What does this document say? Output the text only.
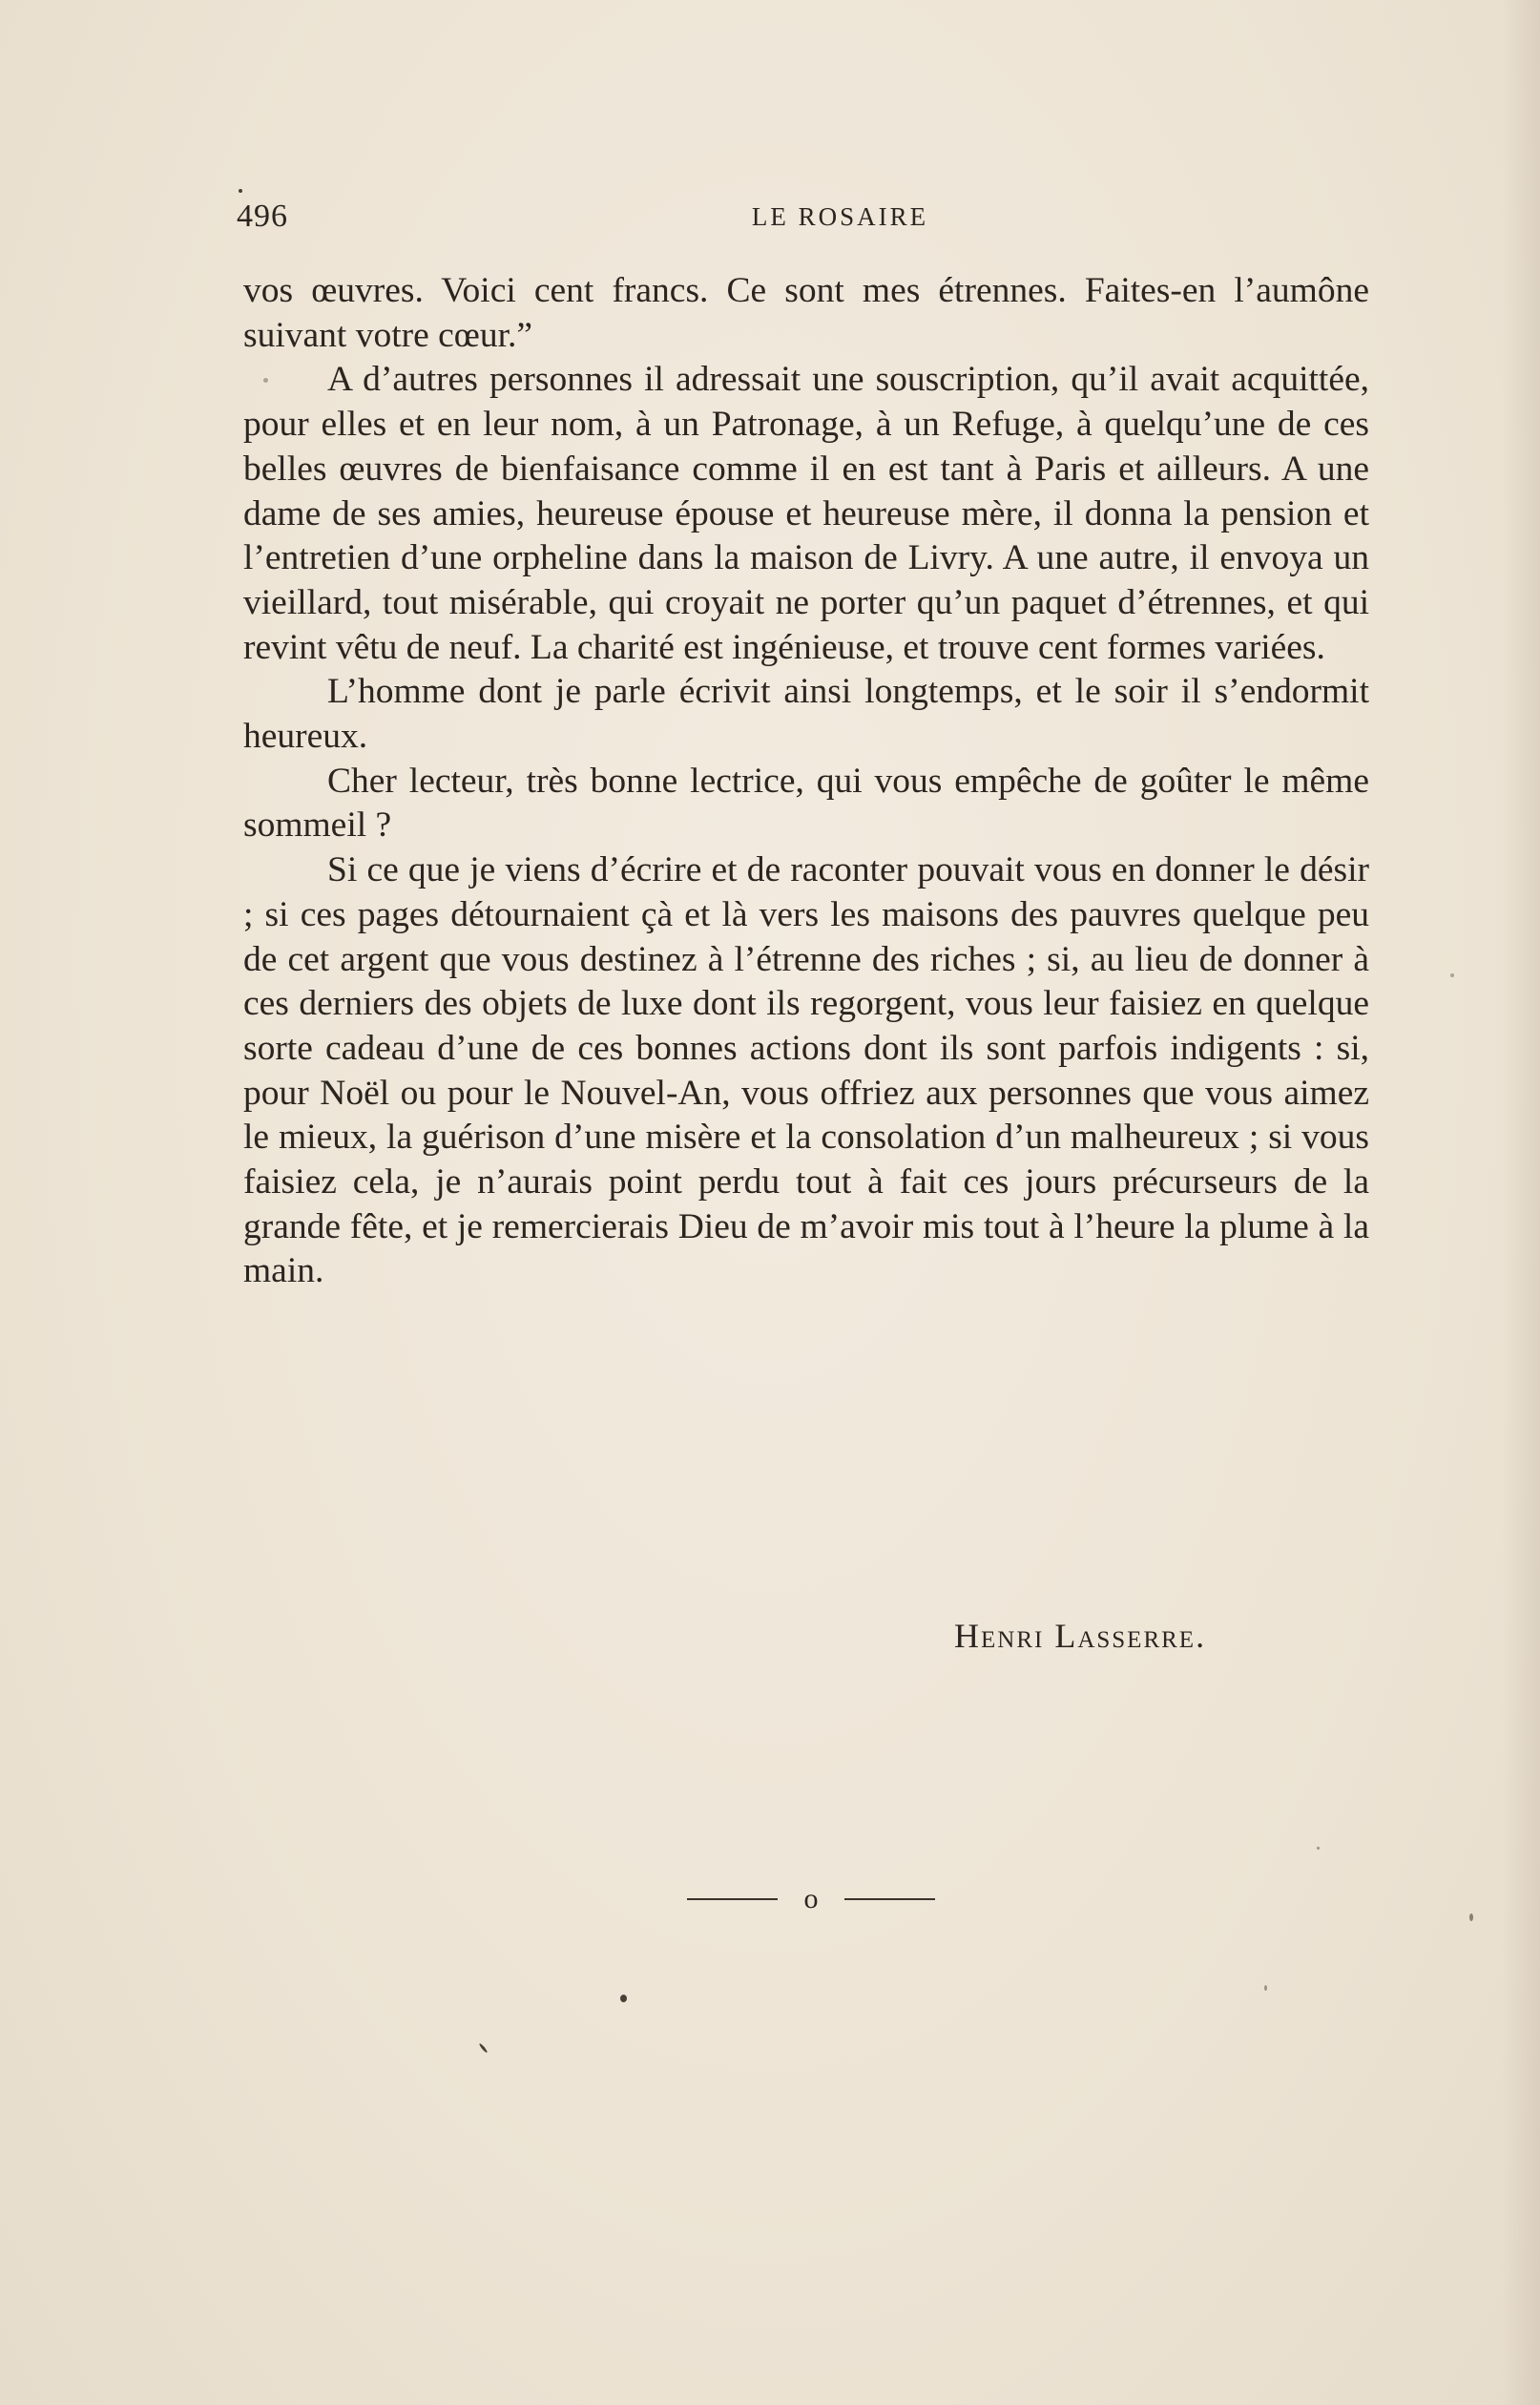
496	LE ROSAIRE

vos œuvres. Voici cent francs. Ce sont mes étrennes. Faites-en l’aumône suivant votre cœur.”

A d’autres personnes il adressait une souscription, qu’il avait acquittée, pour elles et en leur nom, à un Patronage, à un Refuge, à quelqu’une de ces belles œuvres de bienfaisance comme il en est tant à Paris et ailleurs. A une dame de ses amies, heureuse épouse et heureuse mère, il donna la pension et l’entretien d’une orpheline dans la maison de Livry. A une autre, il envoya un vieillard, tout misérable, qui croyait ne porter qu’un paquet d’étrennes, et qui revint vêtu de neuf. La charité est ingénieuse, et trouve cent formes variées.

L’homme dont je parle écrivit ainsi longtemps, et le soir il s’endormit heureux.

Cher lecteur, très bonne lectrice, qui vous empêche de goûter le même sommeil ?

Si ce que je viens d’écrire et de raconter pouvait vous en donner le désir ; si ces pages détournaient çà et là vers les maisons des pauvres quelque peu de cet argent que vous destinez à l’étrenne des riches ; si, au lieu de donner à ces derniers des objets de luxe dont ils regorgent, vous leur faisiez en quelque sorte cadeau d’une de ces bonnes actions dont ils sont parfois indigents : si, pour Noël ou pour le Nouvel-An, vous offriez aux personnes que vous aimez le mieux, la guérison d’une misère et la consolation d’un malheureux ; si vous faisiez cela, je n’aurais point perdu tout à fait ces jours précurseurs de la grande fête, et je remercierais Dieu de m’avoir mis tout à l’heure la plume à la main.

Henri Lasserre.
o
